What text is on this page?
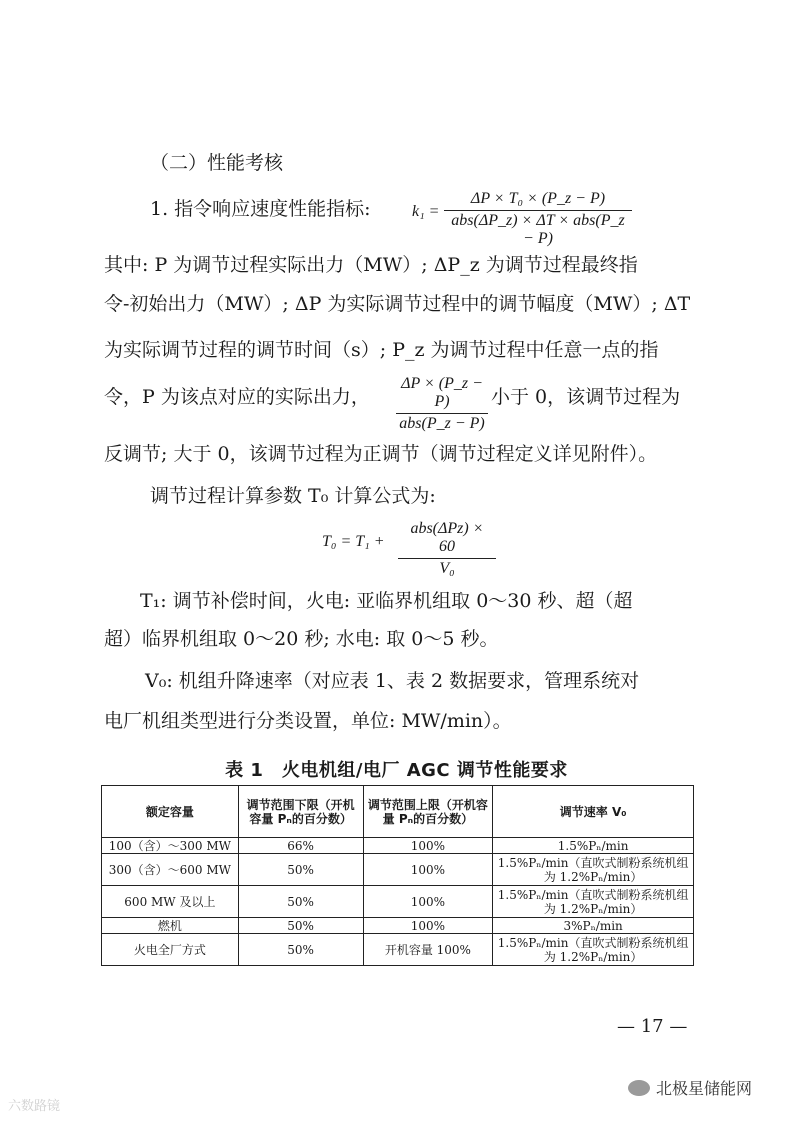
（二）性能考核
1. 指令响应速度性能指标:	k₁ =
ΔP × T₀ × (P_z − P)
abs(ΔP_z) × ΔT × abs(P_z − P)
其中: P 为调节过程实际出力（MW）; ΔP_z 为调节过程最终指
令-初始出力（MW）; ΔP 为实际调节过程中的调节幅度（MW）; ΔT
为实际调节过程的调节时间（s）; P_z 为调节过程中任意一点的指
令，P 为该点对应的实际出力，
ΔP × (P_z − P)
abs(P_z − P)
小于 0，该调节过程为
反调节; 大于 0，该调节过程为正调节（调节过程定义详见附件）。
调节过程计算参数 T₀ 计算公式为:
T₀ = T₁ +
abs(ΔPz) × 60
V₀
T₁: 调节补偿时间，火电: 亚临界机组取 0～30 秒、超（超
超）临界机组取 0～20 秒; 水电: 取 0～5 秒。
V₀: 机组升降速率（对应表 1、表 2 数据要求，管理系统对
电厂机组类型进行分类设置，单位: MW/min）。
表 1　火电机组/电厂 AGC 调节性能要求
额定容量	调节范围下限（开机容量 Pₙ的百分数）	调节范围上限（开机容量 Pₙ的百分数）	调节速率 V₀
100（含）～300 MW	66%	100%	1.5%Pₙ/min
300（含）～600 MW	50%	100%	1.5%Pₙ/min（直吹式制粉系统机组为 1.2%Pₙ/min）
600 MW 及以上	50%	100%	1.5%Pₙ/min（直吹式制粉系统机组为 1.2%Pₙ/min）
燃机	50%	100%	3%Pₙ/min
火电全厂方式	50%	开机容量 100%	1.5%Pₙ/min（直吹式制粉系统机组为 1.2%Pₙ/min）
— 17 —
北极星储能网
六数路镜
